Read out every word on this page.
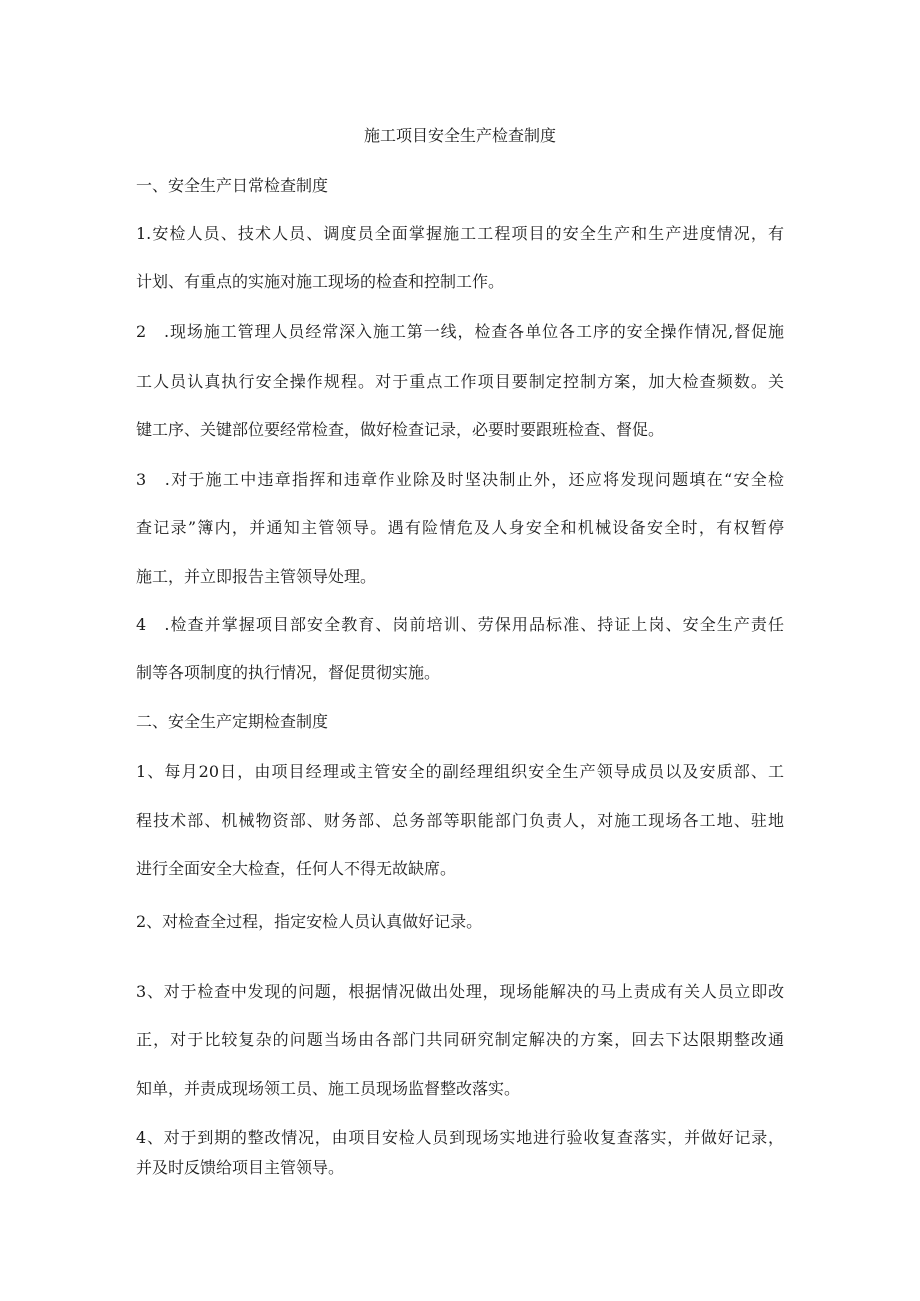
施工项目安全生产检查制度
一、安全生产日常检查制度
1.安检人员、技术人员、调度员全面掌握施工工程项目的安全生产和生产进度情况，有
计划、有重点的实施对施工现场的检查和控制工作。
2　.现场施工管理人员经常深入施工第一线，检查各单位各工序的安全操作情况,督促施
工人员认真执行安全操作规程。对于重点工作项目要制定控制方案，加大检查频数。关
键工序、关键部位要经常检查，做好检查记录，必要时要跟班检查、督促。
3　.对于施工中违章指挥和违章作业除及时坚决制止外，还应将发现问题填在“安全检
查记录”簿内，并通知主管领导。遇有险情危及人身安全和机械设备安全时，有权暂停
施工，并立即报告主管领导处理。
4　.检查并掌握项目部安全教育、岗前培训、劳保用品标准、持证上岗、安全生产责任
制等各项制度的执行情况，督促贯彻实施。
二、安全生产定期检查制度
1、每月20日，由项目经理或主管安全的副经理组织安全生产领导成员以及安质部、工
程技术部、机械物资部、财务部、总务部等职能部门负责人，对施工现场各工地、驻地
进行全面安全大检查，任何人不得无故缺席。
2、对检查全过程，指定安检人员认真做好记录。
3、对于检查中发现的问题，根据情况做出处理，现场能解决的马上责成有关人员立即改
正，对于比较复杂的问题当场由各部门共同研究制定解决的方案，回去下达限期整改通
知单，并责成现场领工员、施工员现场监督整改落实。
4、对于到期的整改情况，由项目安检人员到现场实地进行验收复查落实，并做好记录，
并及时反馈给项目主管领导。
